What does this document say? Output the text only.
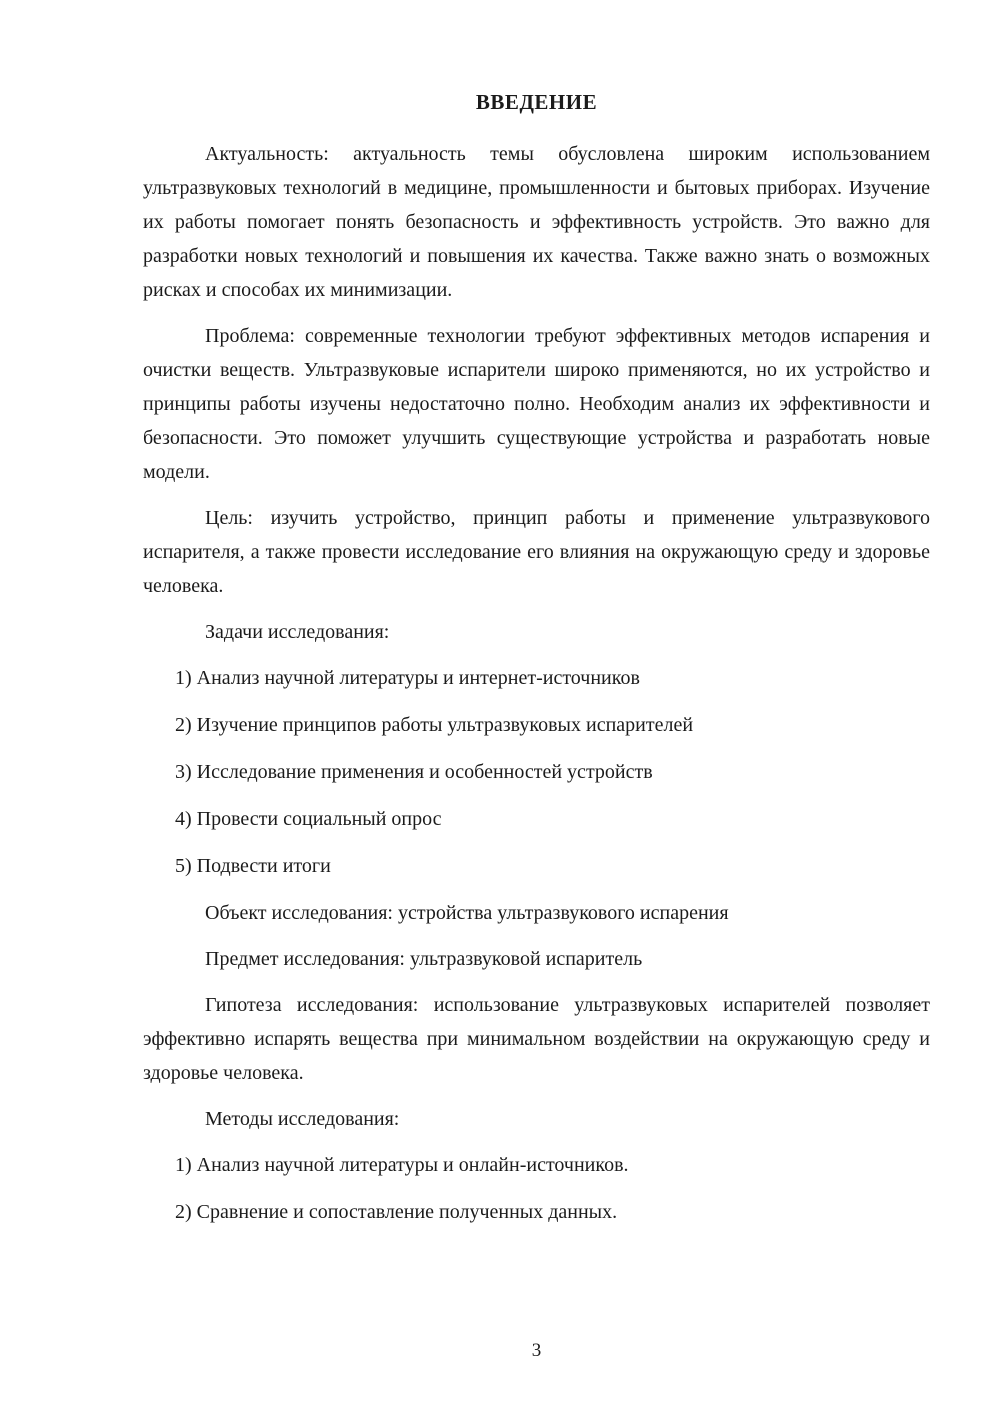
ВВЕДЕНИЕ

Актуальность: актуальность темы обусловлена широким использованием ультразвуковых технологий в медицине, промышленности и бытовых приборах. Изучение их работы помогает понять безопасность и эффективность устройств. Это важно для разработки новых технологий и повышения их качества. Также важно знать о возможных рисках и способах их минимизации.

Проблема: современные технологии требуют эффективных методов испарения и очистки веществ. Ультразвуковые испарители широко применяются, но их устройство и принципы работы изучены недостаточно полно. Необходим анализ их эффективности и безопасности. Это поможет улучшить существующие устройства и разработать новые модели.

Цель: изучить устройство, принцип работы и применение ультразвукового испарителя, а также провести исследование его влияния на окружающую среду и здоровье человека.

Задачи исследования:

1) Анализ научной литературы и интернет-источников

2) Изучение принципов работы ультразвуковых испарителей

3) Исследование применения и особенностей устройств

4) Провести социальный опрос

5) Подвести итоги

Объект исследования: устройства ультразвукового испарения

Предмет исследования: ультразвуковой испаритель

Гипотеза исследования: использование ультразвуковых испарителей позволяет эффективно испарять вещества при минимальном воздействии на окружающую среду и здоровье человека.

Методы исследования:

1) Анализ научной литературы и онлайн-источников.

2) Сравнение и сопоставление полученных данных.

3
